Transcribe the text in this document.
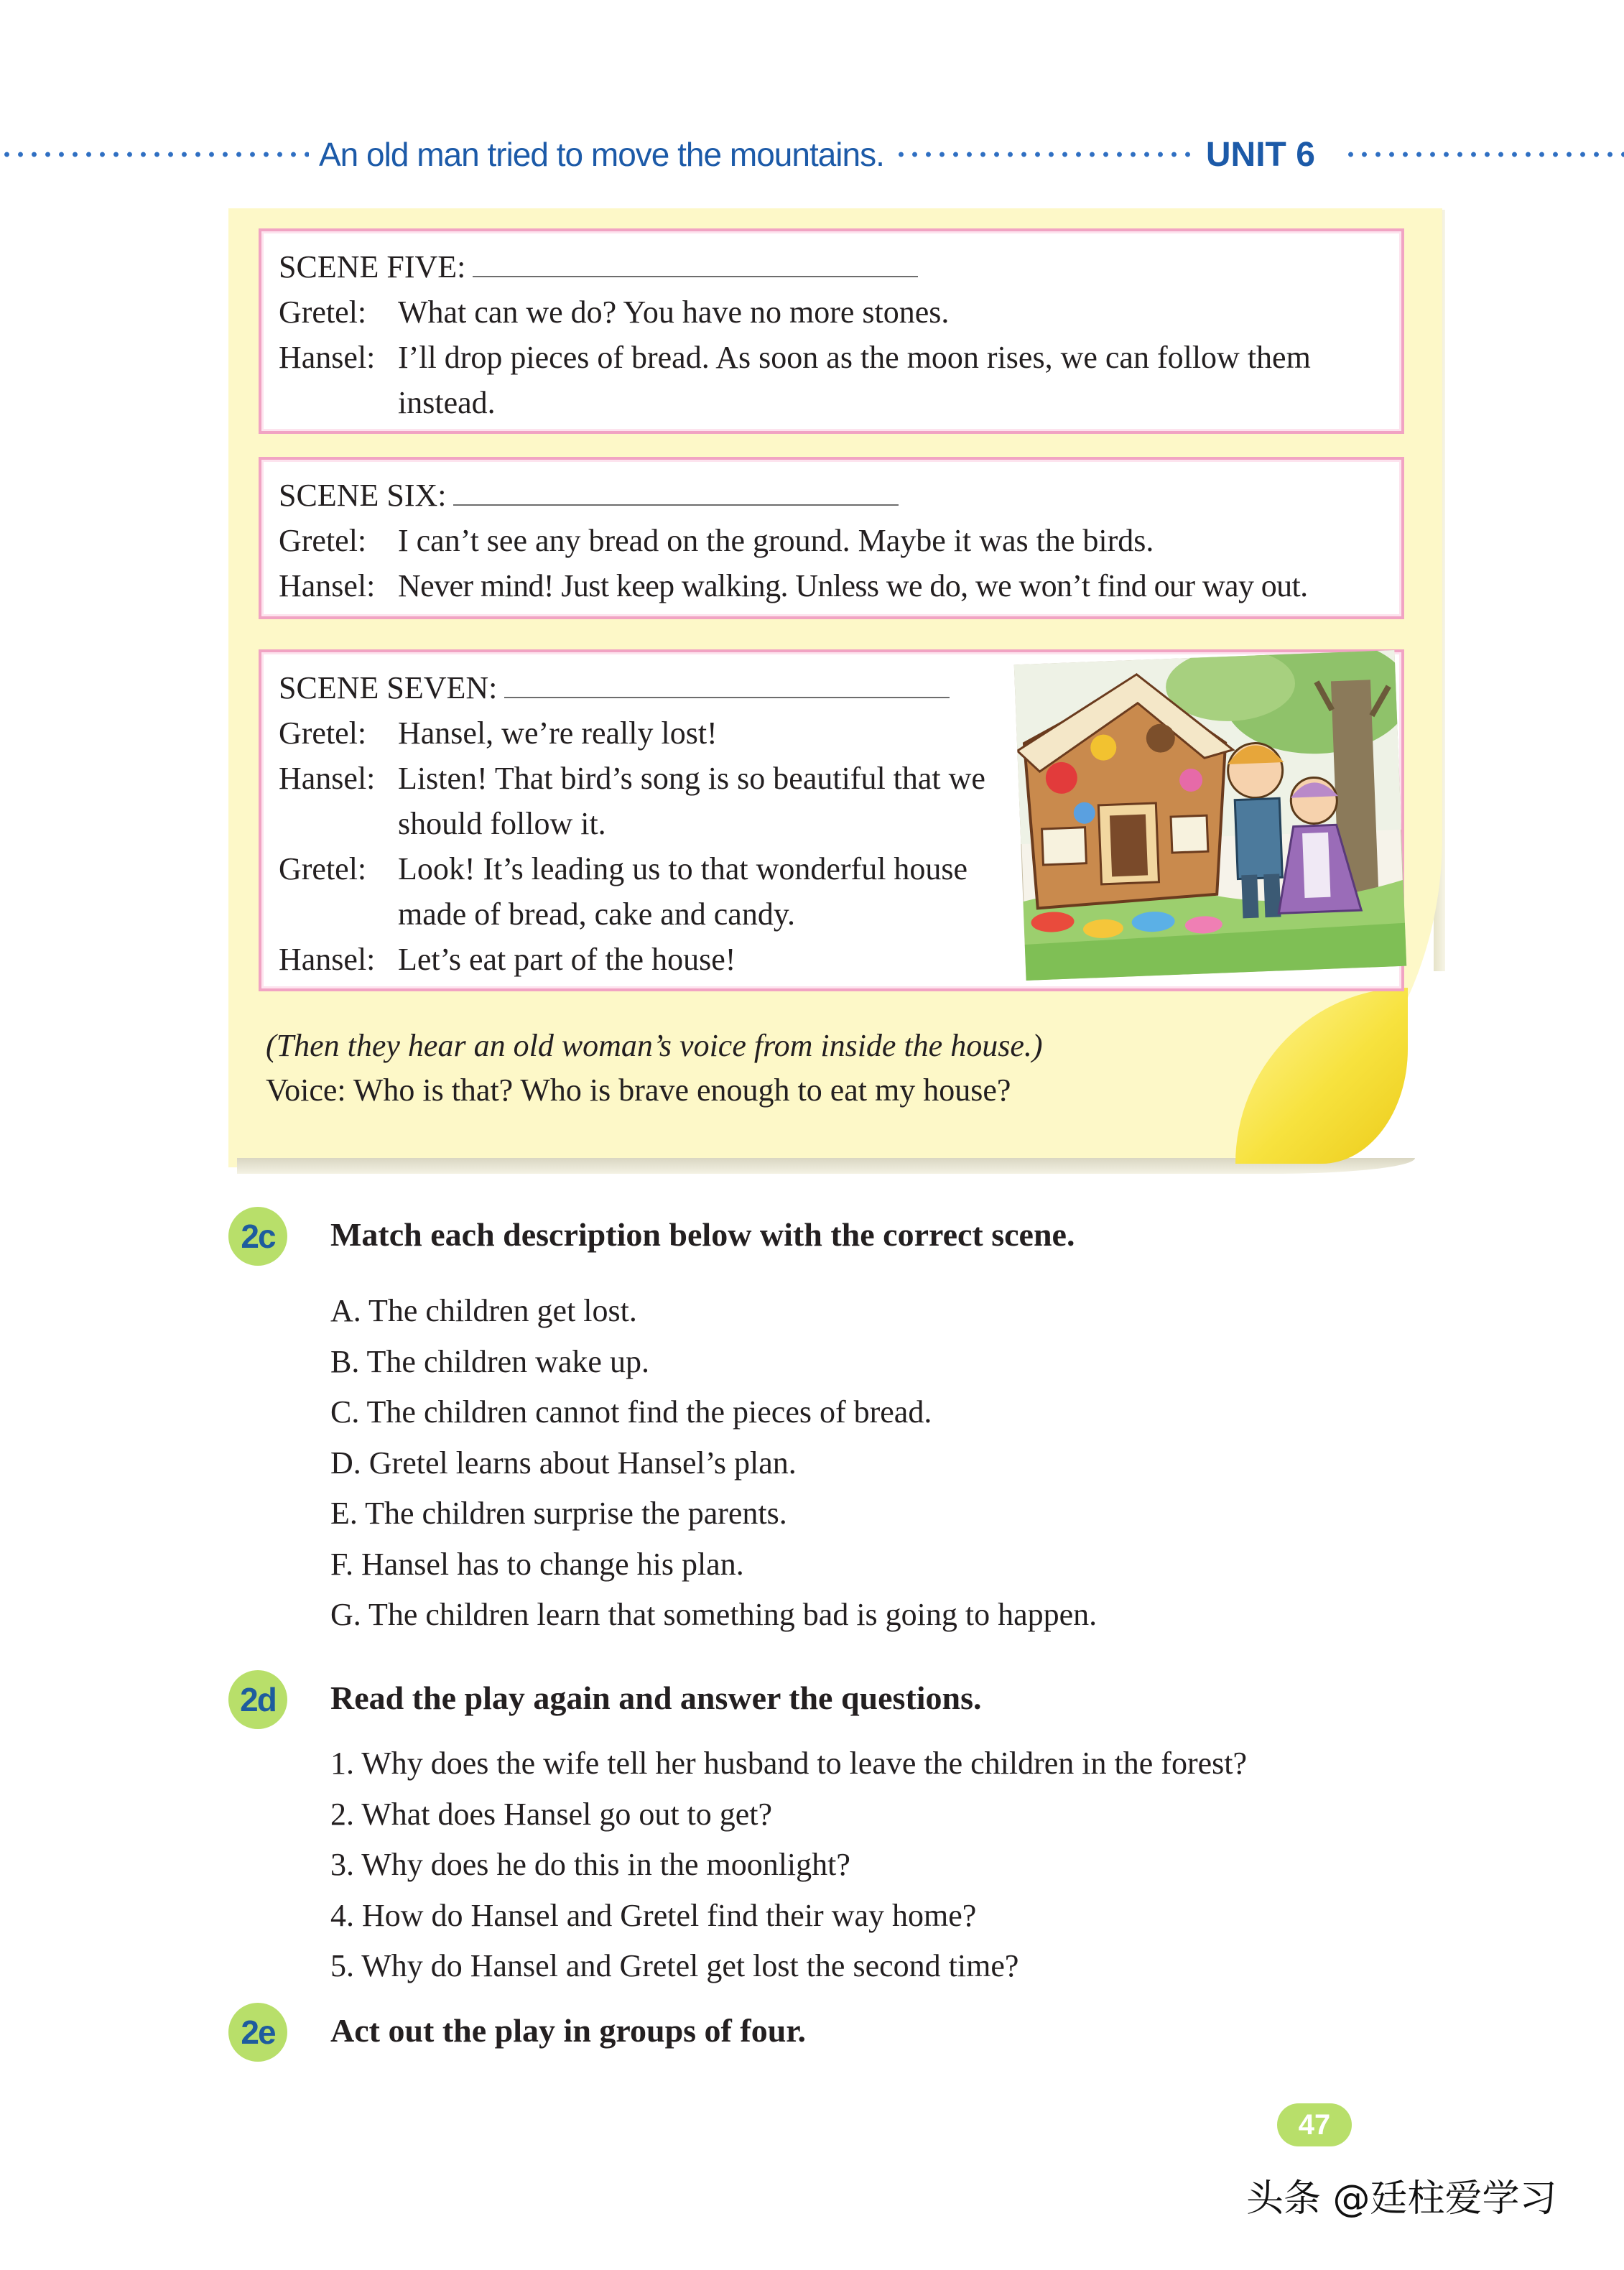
An old man tried to move the mountains.	UNIT 6
SCENE FIVE:
Gretel: What can we do? You have no more stones.
Hansel: I’ll drop pieces of bread. As soon as the moon rises, we can follow them instead.
SCENE SIX:
Gretel: I can’t see any bread on the ground. Maybe it was the birds.
Hansel: Never mind! Just keep walking. Unless we do, we won’t find our way out.
SCENE SEVEN:
Gretel: Hansel, we’re really lost!
Hansel: Listen! That bird’s song is so beautiful that we should follow it.
Gretel: Look! It’s leading us to that wonderful house made of bread, cake and candy.
Hansel: Let’s eat part of the house!
(Then they hear an old woman’s voice from inside the house.)
Voice: Who is that? Who is brave enough to eat my house?
2c	Match each description below with the correct scene.
A. The children get lost.
B. The children wake up.
C. The children cannot find the pieces of bread.
D. Gretel learns about Hansel’s plan.
E. The children surprise the parents.
F. Hansel has to change his plan.
G. The children learn that something bad is going to happen.
2d	Read the play again and answer the questions.
1. Why does the wife tell her husband to leave the children in the forest?
2. What does Hansel go out to get?
3. Why does he do this in the moonlight?
4. How do Hansel and Gretel find their way home?
5. Why do Hansel and Gretel get lost the second time?
2e	Act out the play in groups of four.
47
头条 @廷柱爱学习
